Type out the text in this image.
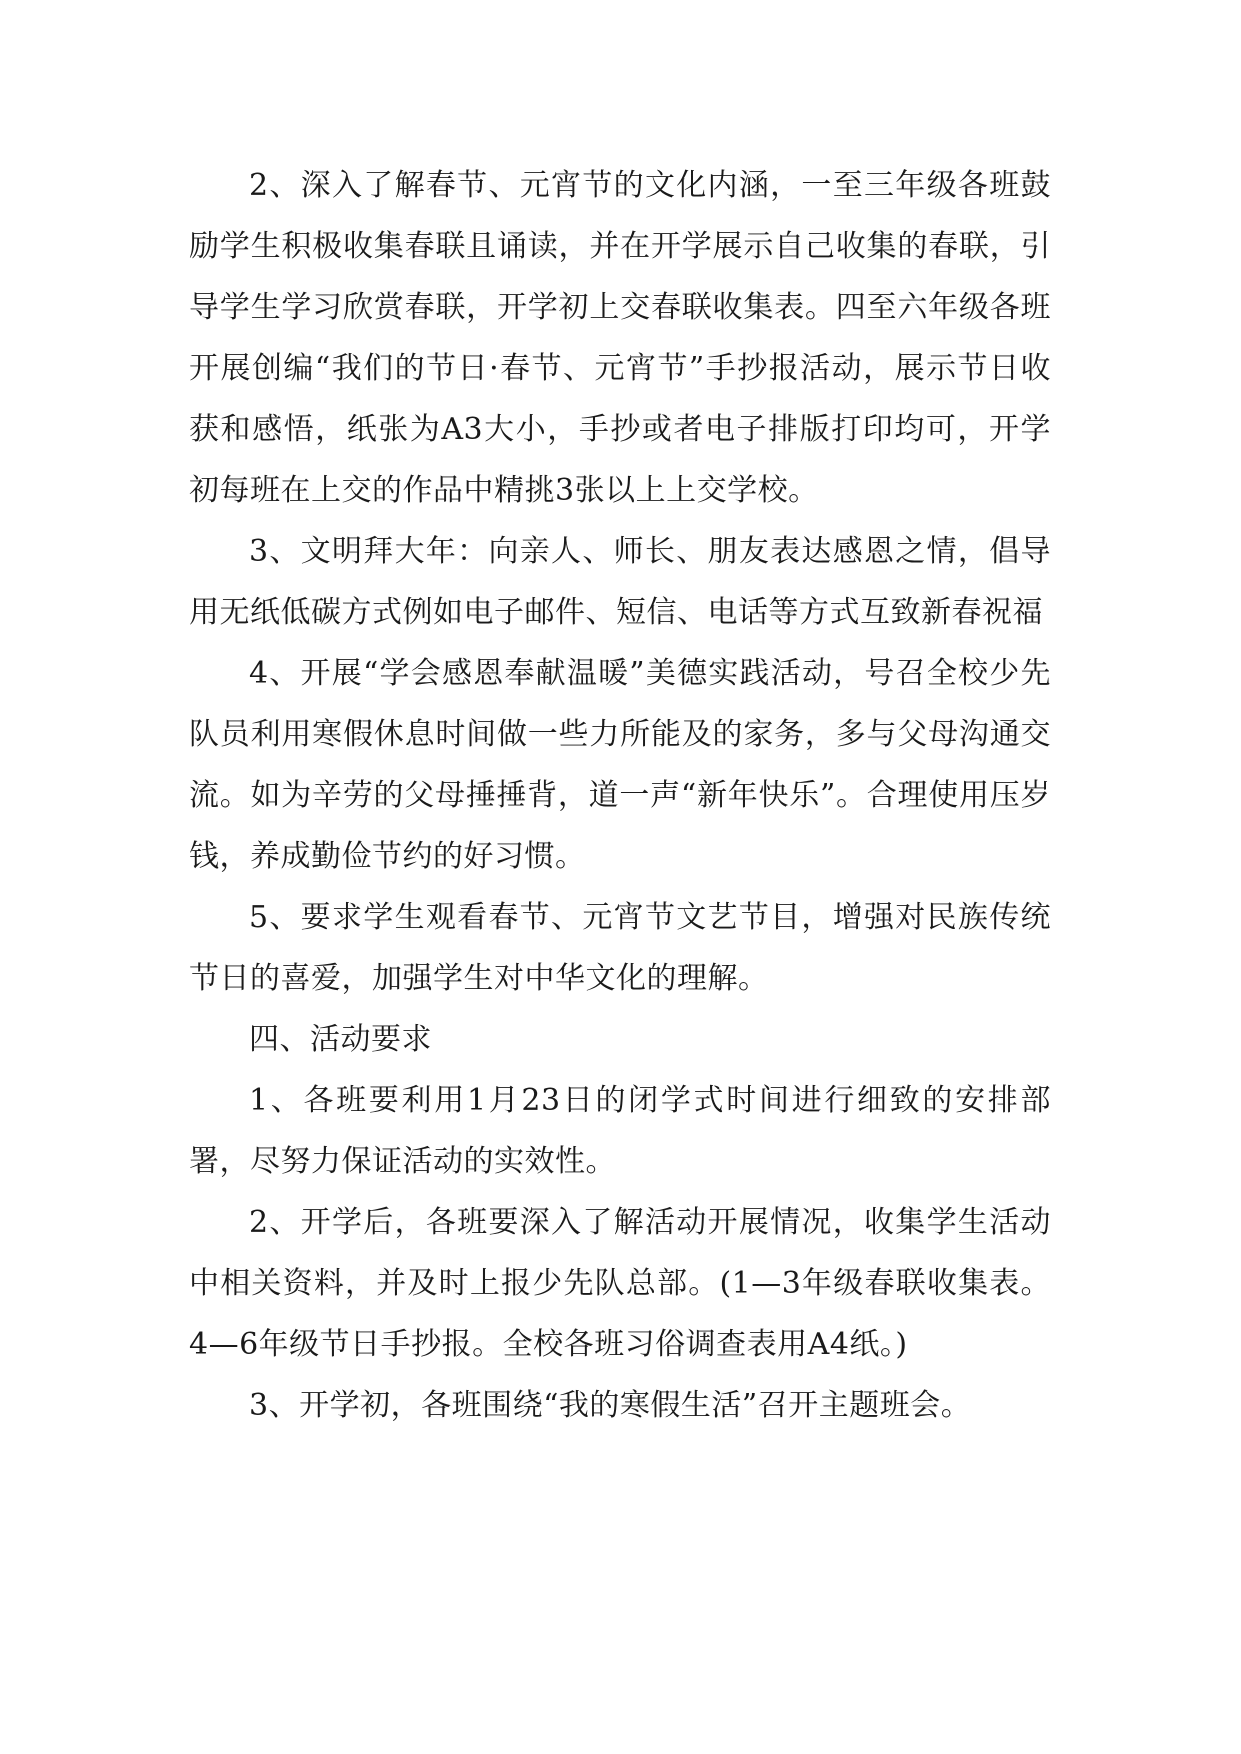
2、深入了解春节、元宵节的文化内涵，一至三年级各班鼓励学生积极收集春联且诵读，并在开学展示自己收集的春联，引导学生学习欣赏春联，开学初上交春联收集表。四至六年级各班开展创编“我们的节日·春节、元宵节”手抄报活动，展示节日收获和感悟，纸张为A3大小，手抄或者电子排版打印均可，开学初每班在上交的作品中精挑3张以上上交学校。

3、文明拜大年：向亲人、师长、朋友表达感恩之情，倡导用无纸低碳方式例如电子邮件、短信、电话等方式互致新春祝福

4、开展“学会感恩奉献温暖”美德实践活动，号召全校少先队员利用寒假休息时间做一些力所能及的家务，多与父母沟通交流。如为辛劳的父母捶捶背，道一声“新年快乐”。合理使用压岁钱，养成勤俭节约的好习惯。

5、要求学生观看春节、元宵节文艺节目，增强对民族传统节日的喜爱，加强学生对中华文化的理解。

四、活动要求

1、各班要利用1月23日的闭学式时间进行细致的安排部署，尽努力保证活动的实效性。

2、开学后，各班要深入了解活动开展情况，收集学生活动中相关资料，并及时上报少先队总部。(1—3年级春联收集表。4—6年级节日手抄报。全校各班习俗调查表用A4纸。)

3、开学初，各班围绕“我的寒假生活”召开主题班会。
